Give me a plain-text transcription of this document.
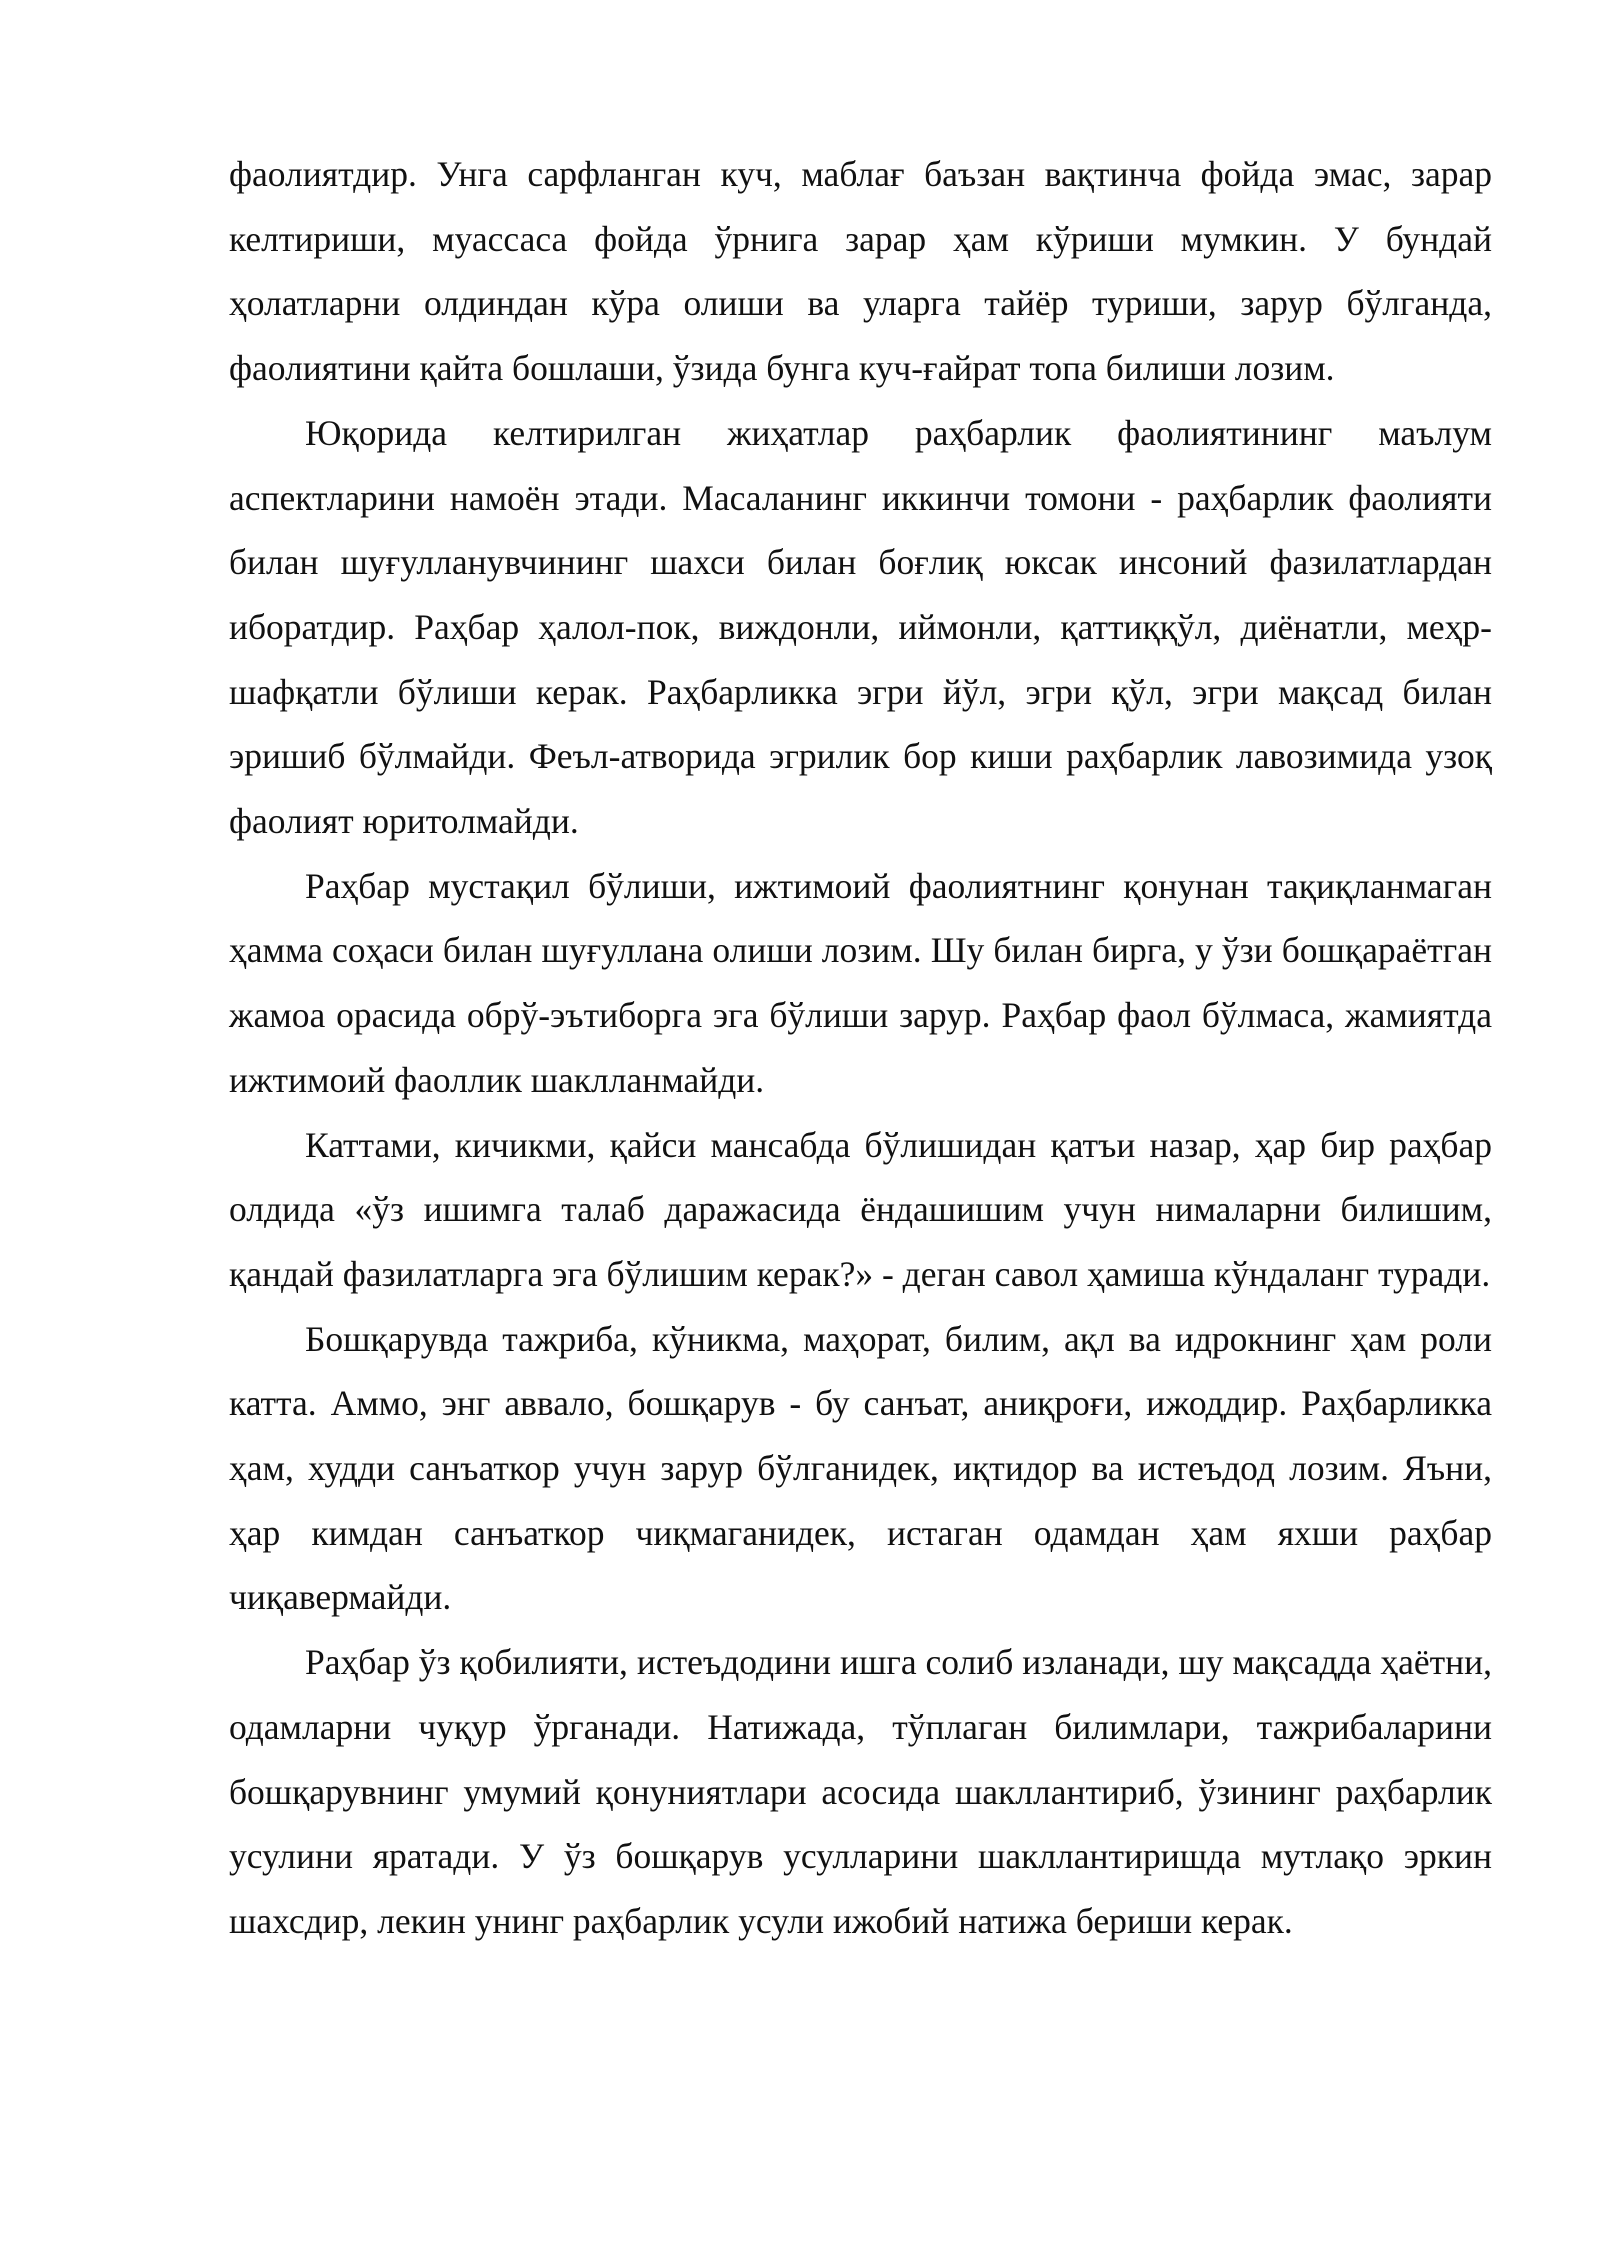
фаолиятдир. Унга сарфланган куч, маблағ баъзан вақтинча фойда эмас, зарар келтириши, муассаса фойда ўрнига зарар ҳам кўриши мумкин. У бундай ҳолатларни олдиндан кўра олиши ва уларга тайёр туриши, зарур бўлганда, фаолиятини қайта бошлаши, ўзида бунга куч-ғайрат топа билиши лозим.

Юқорида келтирилган жиҳатлар раҳбарлик фаолиятининг маълум аспектларини намоён этади. Масаланинг иккинчи томони - раҳбарлик фаолияти билан шуғулланувчининг шахси билан боғлиқ юксак инсоний фазилатлардан иборатдир. Раҳбар ҳалол-пок, виждонли, иймонли, қаттиққўл, диёнатли, меҳр-шафқатли бўлиши керак. Раҳбарликка эгри йўл, эгри қўл, эгри мақсад билан эришиб бўлмайди. Феъл-атворида эгрилик бор киши раҳбарлик лавозимида узоқ фаолият юритолмайди.

Раҳбар мустақил бўлиши, ижтимоий фаолиятнинг қонунан тақиқланмаган ҳамма соҳаси билан шуғуллана олиши лозим. Шу билан бирга, у ўзи бошқараётган жамоа орасида обрў-эътиборга эга бўлиши зарур. Раҳбар фаол бўлмаса, жамиятда ижтимоий фаоллик шаклланмайди.

Каттами, кичикми, қайси мансабда бўлишидан қатъи назар, ҳар бир раҳбар олдида «ўз ишимга талаб даражасида ёндашишим учун нималарни билишим, қандай фазилатларга эга бўлишим керак?» - деган савол ҳамиша кўндаланг туради.

Бошқарувда тажриба, кўникма, маҳорат, билим, ақл ва идрокнинг ҳам роли катта. Аммо, энг аввало, бошқарув - бу санъат, аниқроғи, ижоддир. Раҳбарликка ҳам, худди санъаткор учун зарур бўлганидек, иқтидор ва истеъдод лозим. Яъни, ҳар кимдан санъаткор чиқмаганидек, истаган одамдан ҳам яхши раҳбар чиқавермайди.

Раҳбар ўз қобилияти, истеъдодини ишга солиб изланади, шу мақсадда ҳаётни, одамларни чуқур ўрганади. Натижада, тўплаган билимлари, тажрибаларини бошқарувнинг умумий қонуниятлари асосида шакллантириб, ўзининг раҳбарлик усулини яратади. У ўз бошқарув усулларини шакллантиришда мутлақо эркин шахсдир, лекин унинг раҳбарлик усули ижобий натижа бериши керак.
